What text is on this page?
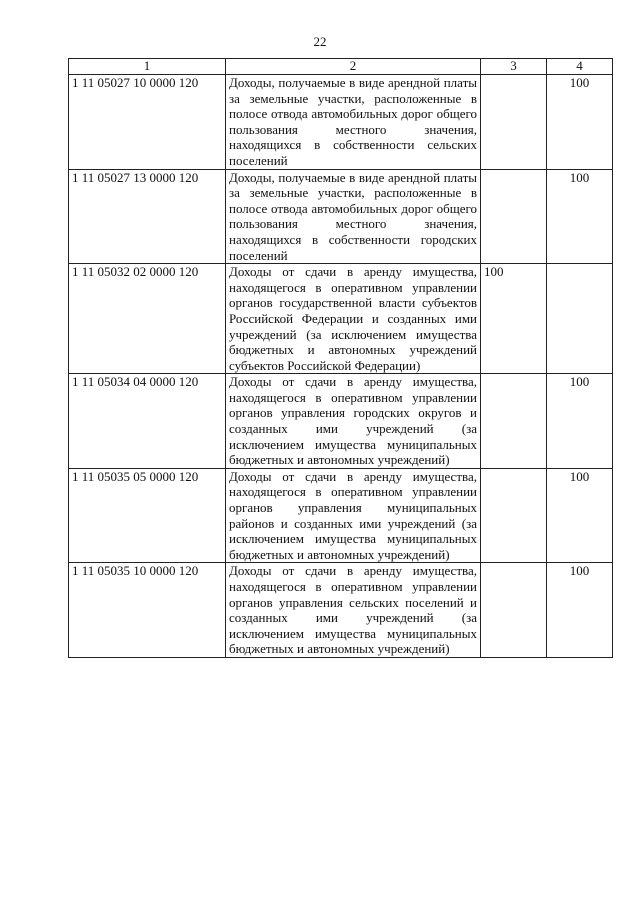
22
1	2	3	4
1 11 05027 10 0000 120	Доходы, получаемые в виде арендной платы за земельные участки, расположенные в полосе отвода автомобильных дорог общего пользования местного значения, находящихся в собственности сельских поселений		100
1 11 05027 13 0000 120	Доходы, получаемые в виде арендной платы за земельные участки, расположенные в полосе отвода автомобильных дорог общего пользования местного значения, находящихся в собственности городских поселений		100
1 11 05032 02 0000 120	Доходы от сдачи в аренду имущества, находящегося в оперативном управлении органов государственной власти субъектов Российской Федерации и созданных ими учреждений (за исключением имущества бюджетных и автономных учреждений субъектов Российской Федерации)	100	
1 11 05034 04 0000 120	Доходы от сдачи в аренду имущества, находящегося в оперативном управлении органов управления городских округов и созданных ими учреждений (за исключением имущества муниципальных бюджетных и автономных учреждений)		100
1 11 05035 05 0000 120	Доходы от сдачи в аренду имущества, находящегося в оперативном управлении органов управления муниципальных районов и созданных ими учреждений (за исключением имущества муниципальных бюджетных и автономных учреждений)		100
1 11 05035 10 0000 120	Доходы от сдачи в аренду имущества, находящегося в оперативном управлении органов управления сельских поселений и созданных ими учреждений (за исключением имущества муниципальных бюджетных и автономных учреждений)		100
